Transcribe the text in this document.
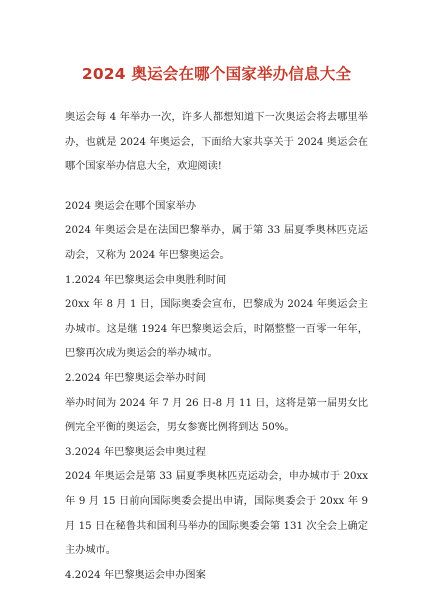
2024 奥运会在哪个国家举办信息大全

奥运会每 4 年举办一次，许多人都想知道下一次奥运会将去哪里举办，也就是 2024 年奥运会，下面给大家共享关于 2024 奥运会在哪个国家举办信息大全，欢迎阅读!

2024 奥运会在哪个国家举办

2024 年奥运会是在法国巴黎举办，属于第 33 届夏季奥林匹克运动会，又称为 2024 年巴黎奥运会。

1.2024 年巴黎奥运会申奥胜利时间

20xx 年 8 月 1 日，国际奥委会宣布，巴黎成为 2024 年奥运会主办城市。这是继 1924 年巴黎奥运会后，时隔整整一百零一年年，巴黎再次成为奥运会的举办城市。

2.2024 年巴黎奥运会举办时间

举办时间为 2024 年 7 月 26 日-8 月 11 日，这将是第一届男女比例完全平衡的奥运会，男女参赛比例将到达 50%。

3.2024 年巴黎奥运会申奥过程

2024 年奥运会是第 33 届夏季奥林匹克运动会，申办城市于 20xx 年 9 月 15 日前向国际奥委会提出申请，国际奥委会于 20xx 年 9 月 15 日在秘鲁共和国利马举办的国际奥委会第 131 次全会上确定主办城市。

4.2024 年巴黎奥运会申办图案
